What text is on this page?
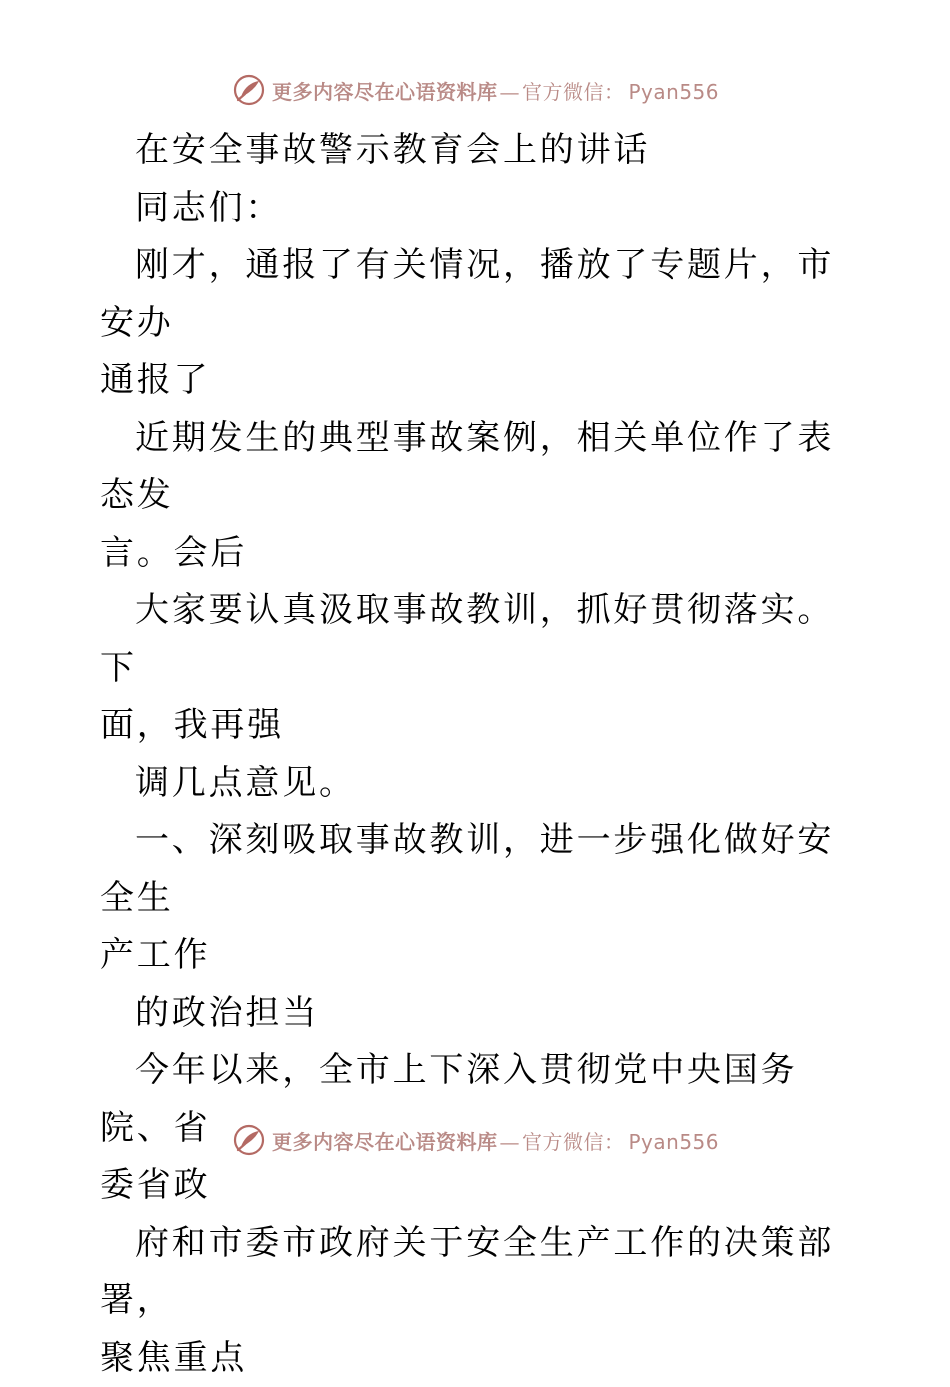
更多内容尽在心语资料库 — 官方微信： Pyan556
在安全事故警示教育会上的讲话
同志们：
刚才，通报了有关情况，播放了专题片，市安办
通报了
近期发生的典型事故案例，相关单位作了表态发
言。会后
大家要认真汲取事故教训，抓好贯彻落实。下
面，我再强
调几点意见。
一、深刻吸取事故教训，进一步强化做好安全生
产工作
的政治担当
今年以来，全市上下深入贯彻党中央国务院、省
委省政
府和市委市政府关于安全生产工作的决策部署，
聚焦重点
更多内容尽在心语资料库 — 官方微信： Pyan556
